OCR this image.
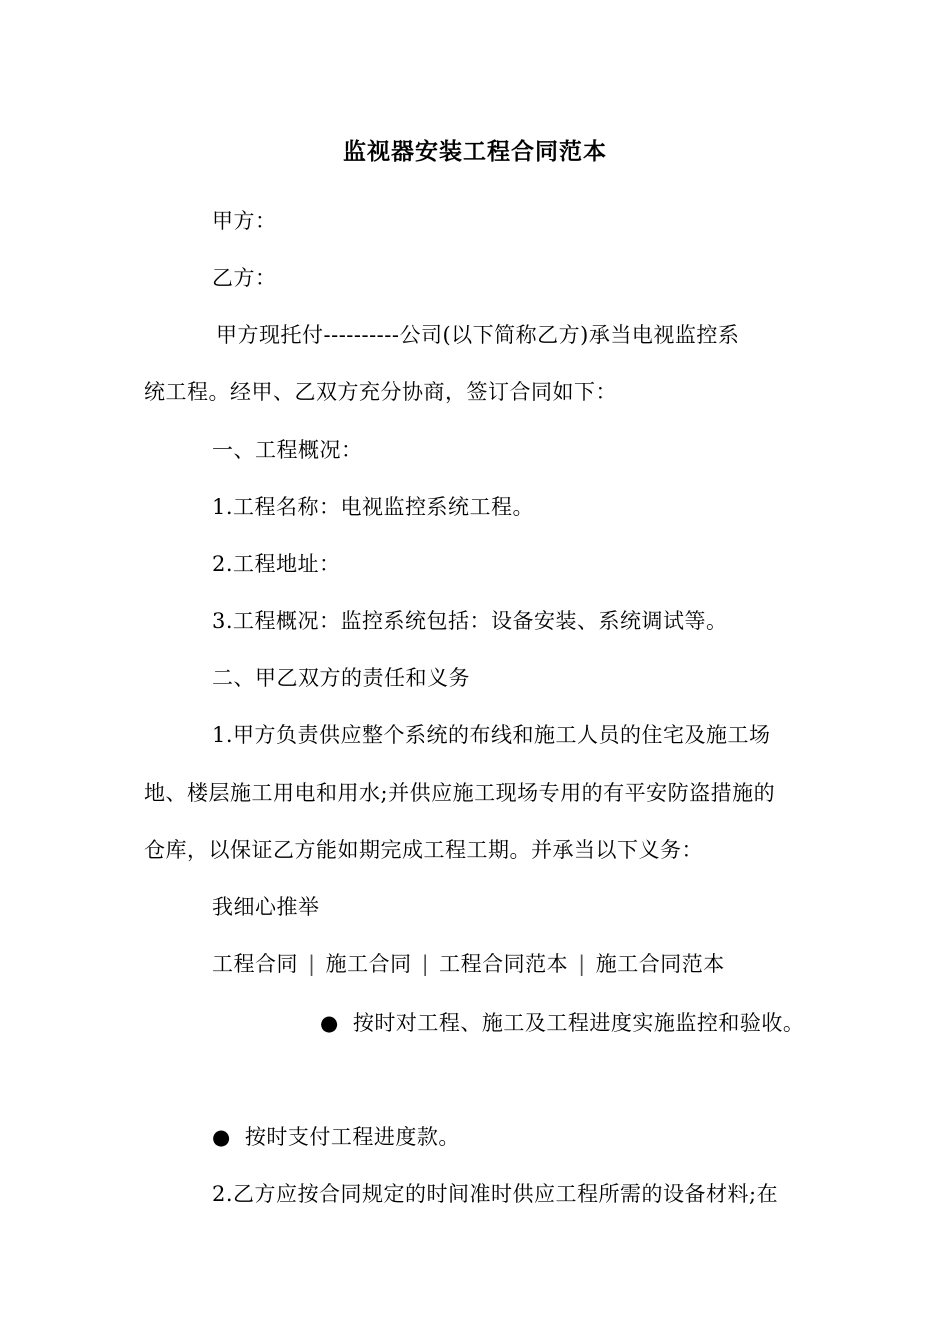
监视器安装工程合同范本
甲方：
乙方：
甲方现托付----------公司(以下简称乙方)承当电视监控系
统工程。经甲、乙双方充分协商，签订合同如下：
一、工程概况：
1.工程名称：电视监控系统工程。
2.工程地址：
3.工程概况：监控系统包括：设备安装、系统调试等。
二、甲乙双方的责任和义务
1.甲方负责供应整个系统的布线和施工人员的住宅及施工场
地、楼层施工用电和用水;并供应施工现场专用的有平安防盗措施的
仓库，以保证乙方能如期完成工程工期。并承当以下义务：
我细心推举
工程合同 | 施工合同 | 工程合同范本 | 施工合同范本
● 按时对工程、施工及工程进度实施监控和验收。
● 按时支付工程进度款。
2.乙方应按合同规定的时间准时供应工程所需的设备材料;在
